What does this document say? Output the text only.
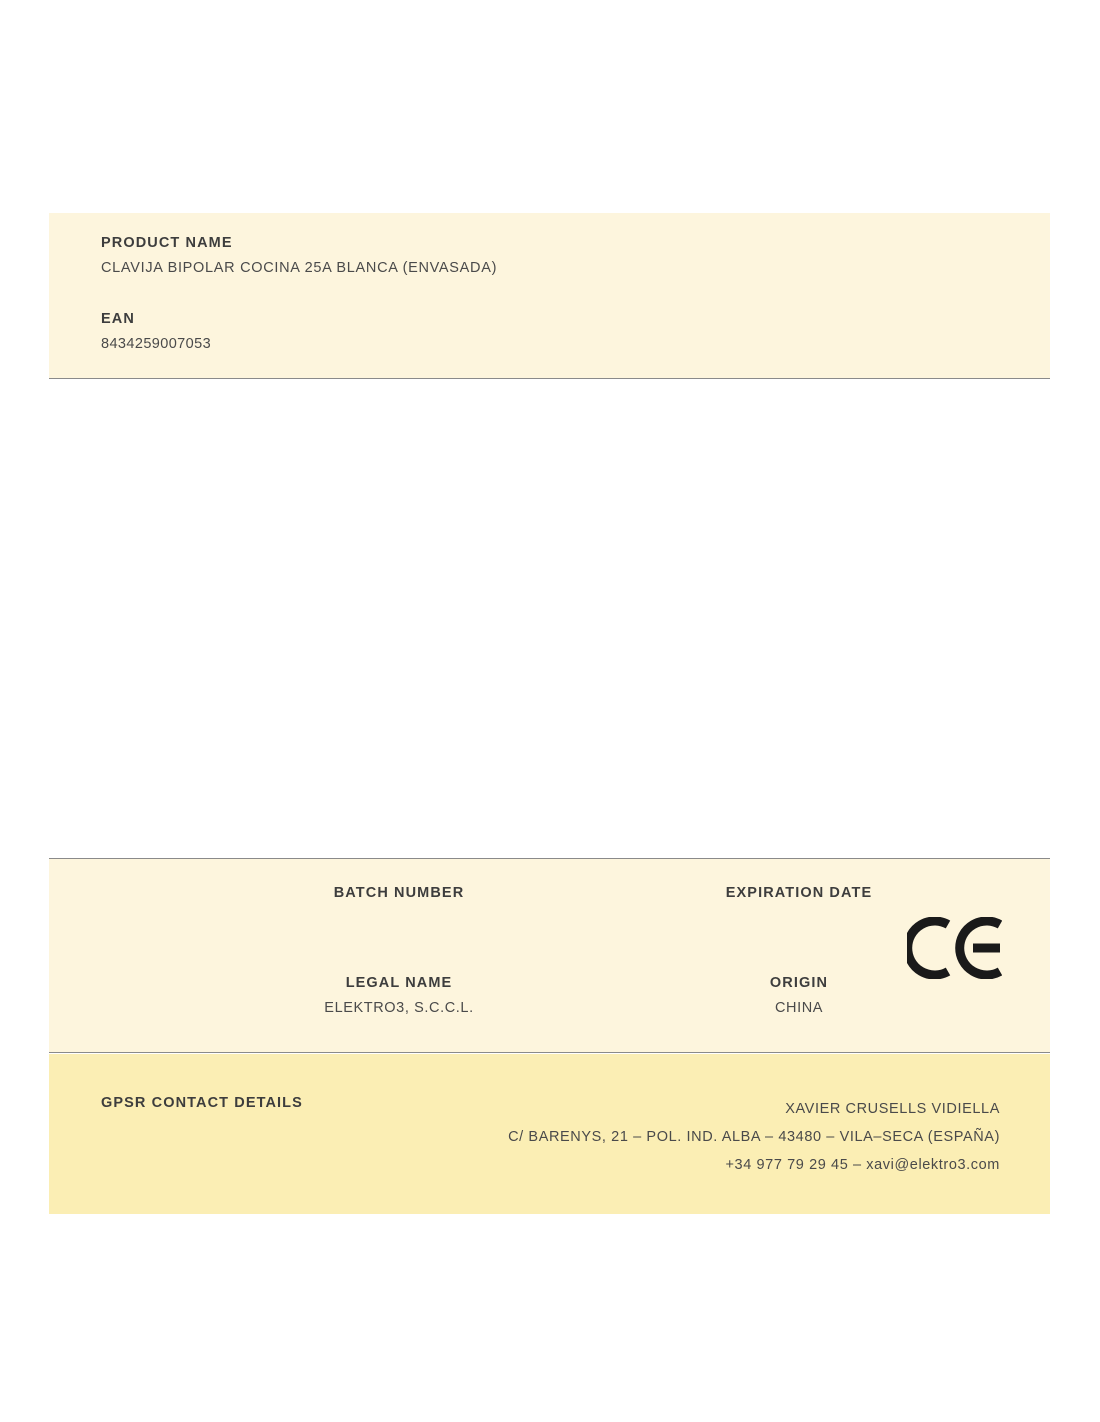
PRODUCT NAME
CLAVIJA BIPOLAR COCINA 25A BLANCA (ENVASADA)
EAN
8434259007053
BATCH NUMBER	EXPIRATION DATE
LEGAL NAME
ELEKTRO3, S.C.C.L.
ORIGIN
CHINA
GPSR CONTACT DETAILS	XAVIER CRUSELLS VIDIELLA
C/ BARENYS, 21 – POL. IND. ALBA – 43480 – VILA–SECA (ESPAÑA)
+34 977 79 29 45 – xavi@elektro3.com
